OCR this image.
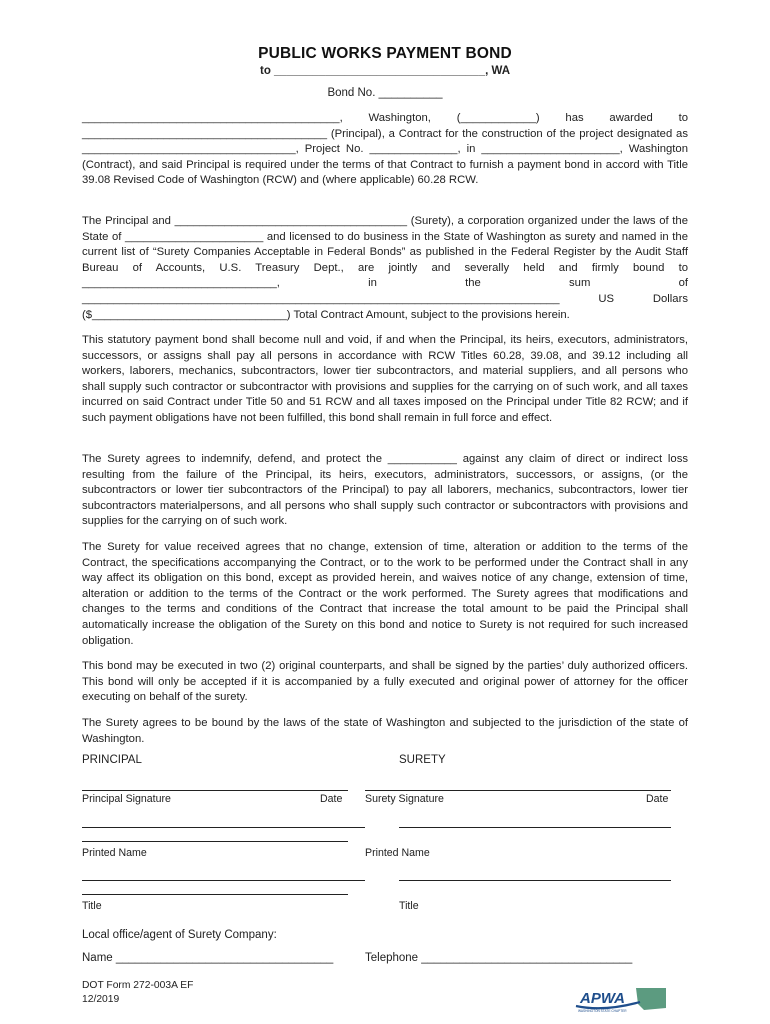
PUBLIC WORKS PAYMENT BOND
to _________________________________, WA
Bond No. __________

_________________________________________, Washington, (____________) has awarded to _______________________________________ (Principal), a Contract for the construction of the project designated as __________________________________, Project No. ______________, in ______________________, Washington (Contract), and said Principal is required under the terms of that Contract to furnish a payment bond in accord with Title 39.08 Revised Code of Washington (RCW) and (where applicable) 60.28 RCW.

The Principal and _____________________________________ (Surety), a corporation organized under the laws of the State of ______________________ and licensed to do business in the State of Washington as surety and named in the current list of “Surety Companies Acceptable in Federal Bonds” as published in the Federal Register by the Audit Staff Bureau of Accounts, U.S. Treasury Dept., are jointly and severally held and firmly bound to _______________________________, in the sum of ____________________________________________________________________________ US Dollars ($_______________________________) Total Contract Amount, subject to the provisions herein.

This statutory payment bond shall become null and void, if and when the Principal, its heirs, executors, administrators, successors, or assigns shall pay all persons in accordance with RCW Titles 60.28, 39.08, and 39.12 including all workers, laborers, mechanics, subcontractors, lower tier subcontractors, and material suppliers, and all persons who shall supply such contractor or subcontractor with provisions and supplies for the carrying on of such work, and all taxes incurred on said Contract under Title 50 and 51 RCW and all taxes imposed on the Principal under Title 82 RCW; and if such payment obligations have not been fulfilled, this bond shall remain in full force and effect.

The Surety agrees to indemnify, defend, and protect the ___________ against any claim of direct or indirect loss resulting from the failure of the Principal, its heirs, executors, administrators, successors, or assigns, (or the subcontractors or lower tier subcontractors of the Principal) to pay all laborers, mechanics, subcontractors, lower tier subcontractors materialpersons, and all persons who shall supply such contractor or subcontractors with provisions and supplies for the carrying on of such work.

The Surety for value received agrees that no change, extension of time, alteration or addition to the terms of the Contract, the specifications accompanying the Contract, or to the work to be performed under the Contract shall in any way affect its obligation on this bond, except as provided herein, and waives notice of any change, extension of time, alteration or addition to the terms of the Contract or the work performed. The Surety agrees that modifications and changes to the terms and conditions of the Contract that increase the total amount to be paid the Principal shall automatically increase the obligation of the Surety on this bond and notice to Surety is not required for such increased obligation.

This bond may be executed in two (2) original counterparts, and shall be signed by the parties’ duly authorized officers. This bond will only be accepted if it is accompanied by a fully executed and original power of attorney for the officer executing on behalf of the surety.

The Surety agrees to be bound by the laws of the state of Washington and subjected to the jurisdiction of the state of Washington.

PRINCIPAL	SURETY
Principal Signature	Date Surety Signature	Date
Printed Name	Printed Name
Title	Title
Local office/agent of Surety Company:
Name __________________________________	Telephone _________________________________
DOT Form 272-003A EF
12/2019	APWA
WASHINGTON STATE CHAPTER
